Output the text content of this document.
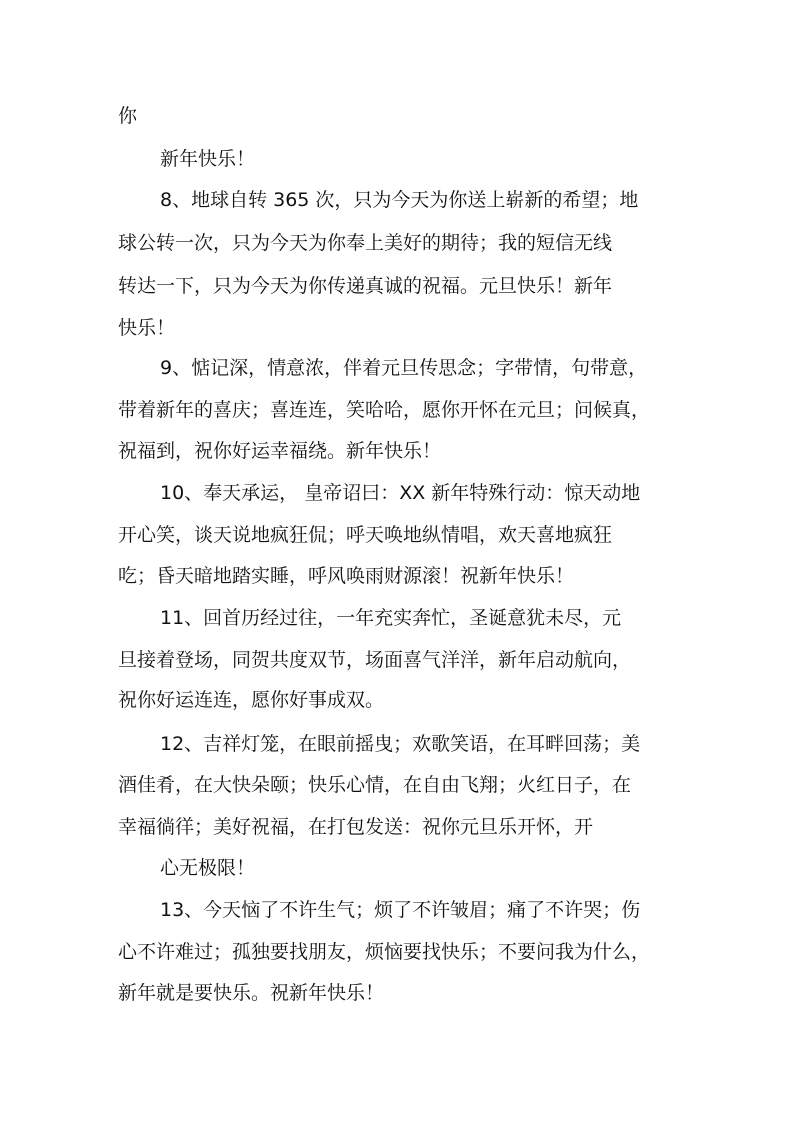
你
新年快乐！
8、地球自转 365 次，只为今天为你送上崭新的希望；地
球公转一次，只为今天为你奉上美好的期待；我的短信无线
转达一下，只为今天为你传递真诚的祝福。元旦快乐！新年
快乐！
9、惦记深，情意浓，伴着元旦传思念；字带情，句带意，
带着新年的喜庆；喜连连，笑哈哈，愿你开怀在元旦；问候真，
祝福到，祝你好运幸福绕。新年快乐！
10、奉天承运， 皇帝诏曰：XX 新年特殊行动：惊天动地
开心笑，谈天说地疯狂侃；呼天唤地纵情唱，欢天喜地疯狂
吃；昏天暗地踏实睡，呼风唤雨财源滚！祝新年快乐！
11、回首历经过往，一年充实奔忙，圣诞意犹未尽，元
旦接着登场，同贺共度双节，场面喜气洋洋，新年启动航向，
祝你好运连连，愿你好事成双。
12、吉祥灯笼，在眼前摇曳；欢歌笑语，在耳畔回荡；美
酒佳肴，在大快朵颐；快乐心情，在自由飞翔；火红日子，在
幸福徜徉；美好祝福，在打包发送：祝你元旦乐开怀，开
心无极限！
13、今天恼了不许生气；烦了不许皱眉；痛了不许哭；伤
心不许难过；孤独要找朋友，烦恼要找快乐；不要问我为什么，
新年就是要快乐。祝新年快乐！
